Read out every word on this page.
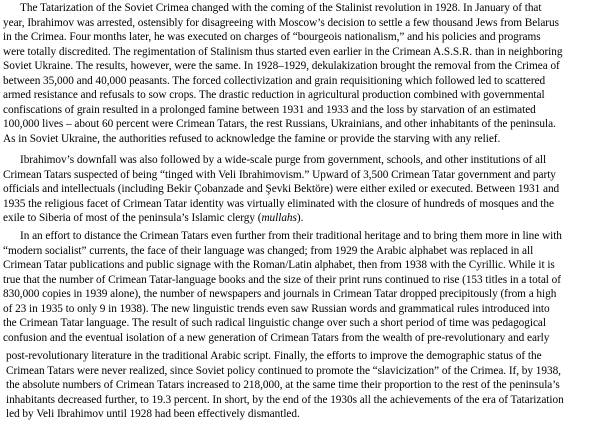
The Tatarization of the Soviet Crimea changed with the coming of the Stalinist revolution in 1928. In January of that
year, Ibrahimov was arrested, ostensibly for disagreeing with Moscow’s decision to settle a few thousand Jews from Belarus
in the Crimea. Four months later, he was executed on charges of “bourgeois nationalism,” and his policies and programs
were totally discredited. The regimentation of Stalinism thus started even earlier in the Crimean A.S.S.R. than in neighboring
Soviet Ukraine. The results, however, were the same. In 1928–1929, dekulakization brought the removal from the Crimea of
between 35,000 and 40,000 peasants. The forced collectivization and grain requisitioning which followed led to scattered
armed resistance and refusals to sow crops. The drastic reduction in agricultural production combined with governmental
confiscations of grain resulted in a prolonged famine between 1931 and 1933 and the loss by starvation of an estimated
100,000 lives – about 60 percent were Crimean Tatars, the rest Russians, Ukrainians, and other inhabitants of the peninsula.
As in Soviet Ukraine, the authorities refused to acknowledge the famine or provide the starving with any relief.
Ibrahimov’s downfall was also followed by a wide-scale purge from government, schools, and other institutions of all
Crimean Tatars suspected of being “tinged with Veli Ibrahimovism.” Upward of 3,500 Crimean Tatar government and party
officials and intellectuals (including Bekir Çobanzade and Şevki Bektöre) were either exiled or executed. Between 1931 and
1935 the religious facet of Crimean Tatar identity was virtually eliminated with the closure of hundreds of mosques and the
exile to Siberia of most of the peninsula’s Islamic clergy (mullahs).
In an effort to distance the Crimean Tatars even further from their traditional heritage and to bring them more in line with
“modern socialist” currents, the face of their language was changed; from 1929 the Arabic alphabet was replaced in all
Crimean Tatar publications and public signage with the Roman/Latin alphabet, then from 1938 with the Cyrillic. While it is
true that the number of Crimean Tatar-language books and the size of their print runs continued to rise (153 titles in a total of
830,000 copies in 1939 alone), the number of newspapers and journals in Crimean Tatar dropped precipitously (from a high
of 23 in 1935 to only 9 in 1938). The new linguistic trends even saw Russian words and grammatical rules introduced into
the Crimean Tatar language. The result of such radical linguistic change over such a short period of time was pedagogical
confusion and the eventual isolation of a new generation of Crimean Tatars from the wealth of pre-revolutionary and early
post-revolutionary literature in the traditional Arabic script. Finally, the efforts to improve the demographic status of the
Crimean Tatars were never realized, since Soviet policy continued to promote the “slavicization” of the Crimea. If, by 1938,
the absolute numbers of Crimean Tatars increased to 218,000, at the same time their proportion to the rest of the peninsula’s
inhabitants decreased further, to 19.3 percent. In short, by the end of the 1930s all the achievements of the era of Tatarization
led by Veli Ibrahimov until 1928 had been effectively dismantled.
